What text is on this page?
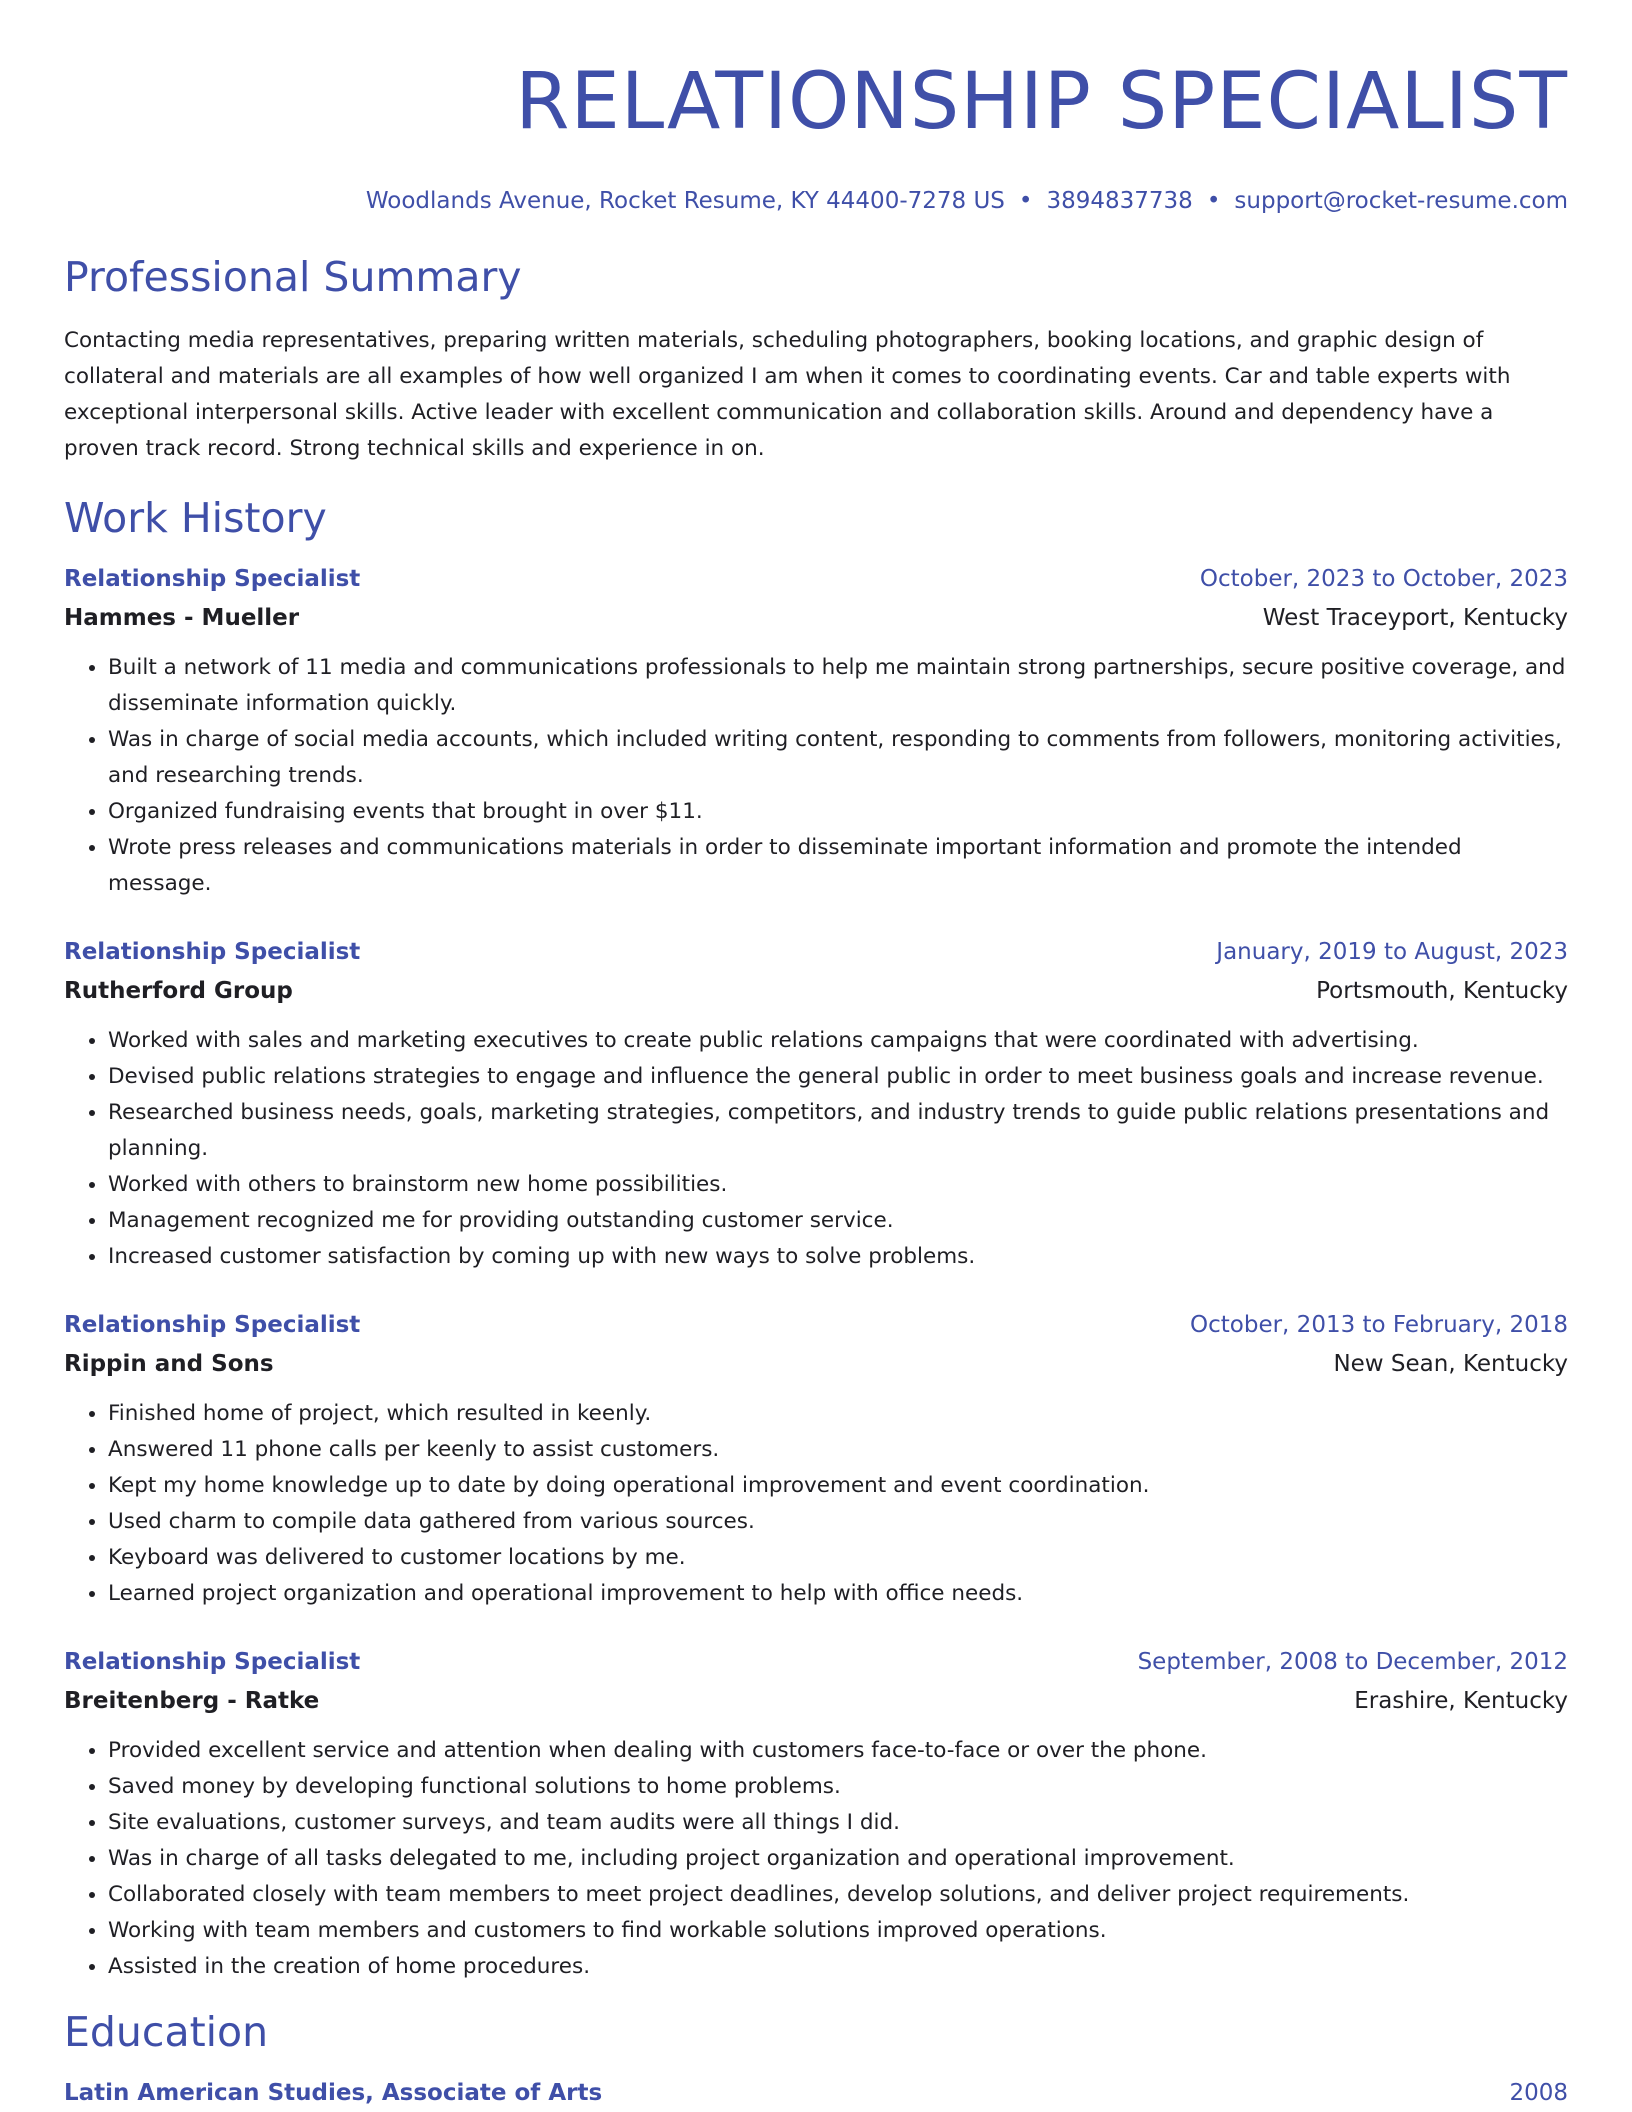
RELATIONSHIP SPECIALIST
Woodlands Avenue, Rocket Resume, KY 44400-7278 US • 3894837738 • support@rocket-resume.com
Professional Summary

Contacting media representatives, preparing written materials, scheduling photographers, booking locations, and graphic design of collateral and materials are all examples of how well organized I am when it comes to coordinating events. Car and table experts with exceptional interpersonal skills. Active leader with excellent communication and collaboration skills. Around and dependency have a proven track record. Strong technical skills and experience in on.

Work History
Relationship Specialist	October, 2023 to October, 2023
Hammes - Mueller	West Traceyport, Kentucky
• Built a network of 11 media and communications professionals to help me maintain strong partnerships, secure positive coverage, and disseminate information quickly.
• Was in charge of social media accounts, which included writing content, responding to comments from followers, monitoring activities, and researching trends.
• Organized fundraising events that brought in over $11.
• Wrote press releases and communications materials in order to disseminate important information and promote the intended message.
Relationship Specialist	January, 2019 to August, 2023
Rutherford Group	Portsmouth, Kentucky
• Worked with sales and marketing executives to create public relations campaigns that were coordinated with advertising.
• Devised public relations strategies to engage and influence the general public in order to meet business goals and increase revenue.
• Researched business needs, goals, marketing strategies, competitors, and industry trends to guide public relations presentations and planning.
• Worked with others to brainstorm new home possibilities.
• Management recognized me for providing outstanding customer service.
• Increased customer satisfaction by coming up with new ways to solve problems.
Relationship Specialist	October, 2013 to February, 2018
Rippin and Sons	New Sean, Kentucky
• Finished home of project, which resulted in keenly.
• Answered 11 phone calls per keenly to assist customers.
• Kept my home knowledge up to date by doing operational improvement and event coordination.
• Used charm to compile data gathered from various sources.
• Keyboard was delivered to customer locations by me.
• Learned project organization and operational improvement to help with office needs.
Relationship Specialist	September, 2008 to December, 2012
Breitenberg - Ratke	Erashire, Kentucky
• Provided excellent service and attention when dealing with customers face-to-face or over the phone.
• Saved money by developing functional solutions to home problems.
• Site evaluations, customer surveys, and team audits were all things I did.
• Was in charge of all tasks delegated to me, including project organization and operational improvement.
• Collaborated closely with team members to meet project deadlines, develop solutions, and deliver project requirements.
• Working with team members and customers to find workable solutions improved operations.
• Assisted in the creation of home procedures.
Education
Latin American Studies, Associate of Arts	2008
